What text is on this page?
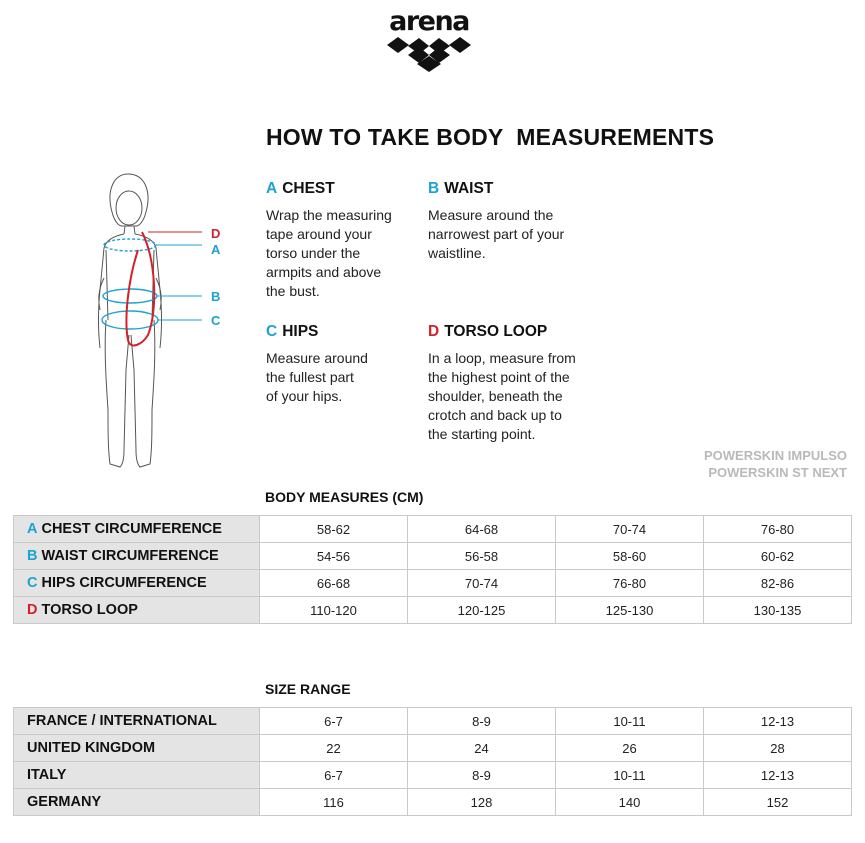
arena
HOW TO TAKE BODY  MEASUREMENTS
D
A
B
C
A CHEST

Wrap the measuring
tape around your
torso under the
armpits and above
the bust.

B WAIST

Measure around the
narrowest part of your
waistline.

C HIPS

Measure around
the fullest part
of your hips.

D TORSO LOOP

In a loop, measure from
the highest point of the
shoulder, beneath the
crotch and back up to
the starting point.

POWERSKIN IMPULSO
POWERSKIN ST NEXT
BODY MEASURES (CM)
A CHEST CIRCUMFERENCE	58-62	64-68	70-74	76-80
B WAIST CIRCUMFERENCE	54-56	56-58	58-60	60-62
C HIPS CIRCUMFERENCE	66-68	70-74	76-80	82-86
D TORSO LOOP	110-120	120-125	125-130	130-135
SIZE RANGE
FRANCE / INTERNATIONAL	6-7	8-9	10-11	12-13
UNITED KINGDOM	22	24	26	28
ITALY	6-7	8-9	10-11	12-13
GERMANY	116	128	140	152
